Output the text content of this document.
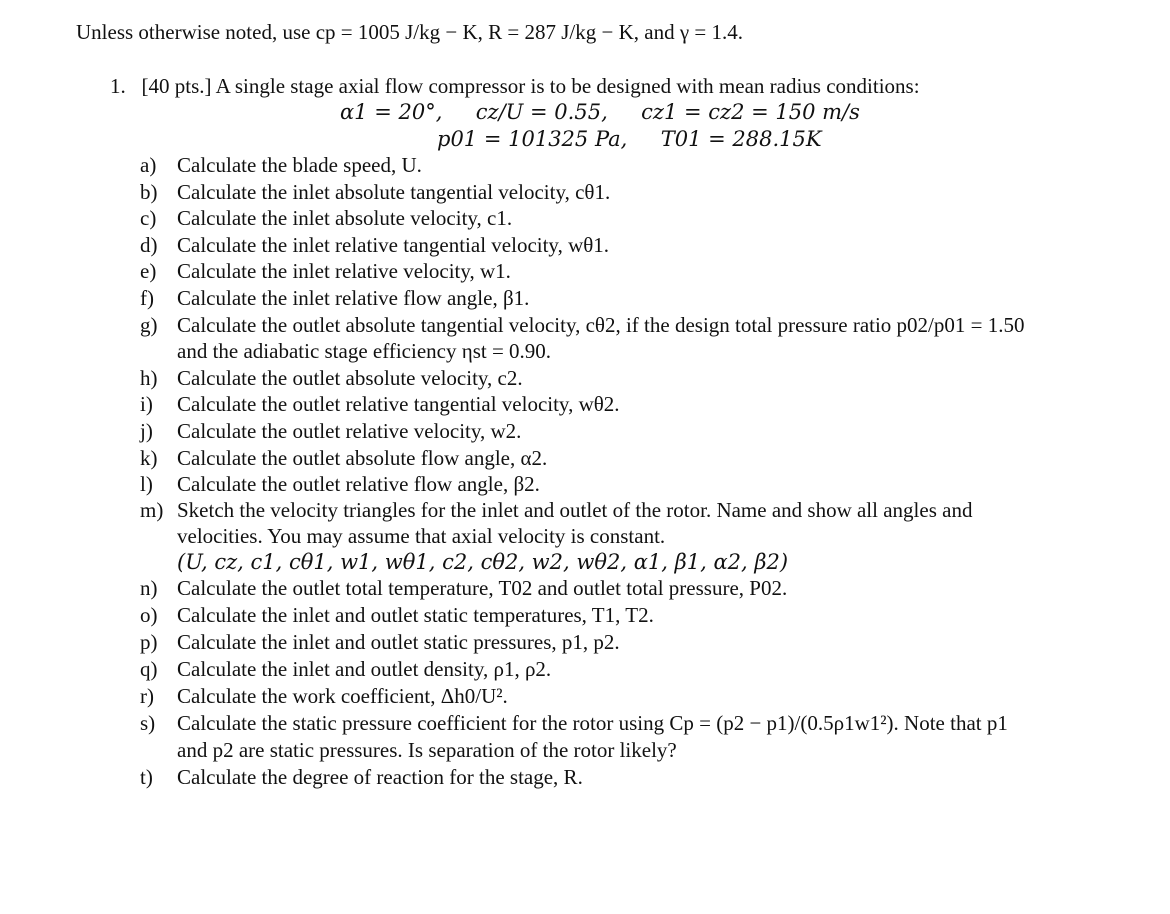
Unless otherwise noted, use cp = 1005 J/kg − K, R = 287 J/kg − K, and γ = 1.4.
1. [40 pts.] A single stage axial flow compressor is to be designed with mean radius conditions:
α1 = 20°,     cz/U = 0.55,     cz1 = cz2 = 150 m/s
p01 = 101325 Pa,     T01 = 288.15K
a) Calculate the blade speed, U.
b) Calculate the inlet absolute tangential velocity, cθ1.
c) Calculate the inlet absolute velocity, c1.
d) Calculate the inlet relative tangential velocity, wθ1.
e) Calculate the inlet relative velocity, w1.
f) Calculate the inlet relative flow angle, β1.
g) Calculate the outlet absolute tangential velocity, cθ2, if the design total pressure ratio p02/p01 = 1.50
and the adiabatic stage efficiency ηst = 0.90.
h) Calculate the outlet absolute velocity, c2.
i) Calculate the outlet relative tangential velocity, wθ2.
j) Calculate the outlet relative velocity, w2.
k) Calculate the outlet absolute flow angle, α2.
l) Calculate the outlet relative flow angle, β2.
m) Sketch the velocity triangles for the inlet and outlet of the rotor. Name and show all angles and
velocities. You may assume that axial velocity is constant.
(U, cz, c1, cθ1, w1, wθ1, c2, cθ2, w2, wθ2, α1, β1, α2, β2)
n) Calculate the outlet total temperature, T02 and outlet total pressure, P02.
o) Calculate the inlet and outlet static temperatures, T1, T2.
p) Calculate the inlet and outlet static pressures, p1, p2.
q) Calculate the inlet and outlet density, ρ1, ρ2.
r) Calculate the work coefficient, Δh0/U².
s) Calculate the static pressure coefficient for the rotor using Cp = (p2 − p1)/(0.5ρ1w1²). Note that p1
and p2 are static pressures. Is separation of the rotor likely?
t) Calculate the degree of reaction for the stage, R.
